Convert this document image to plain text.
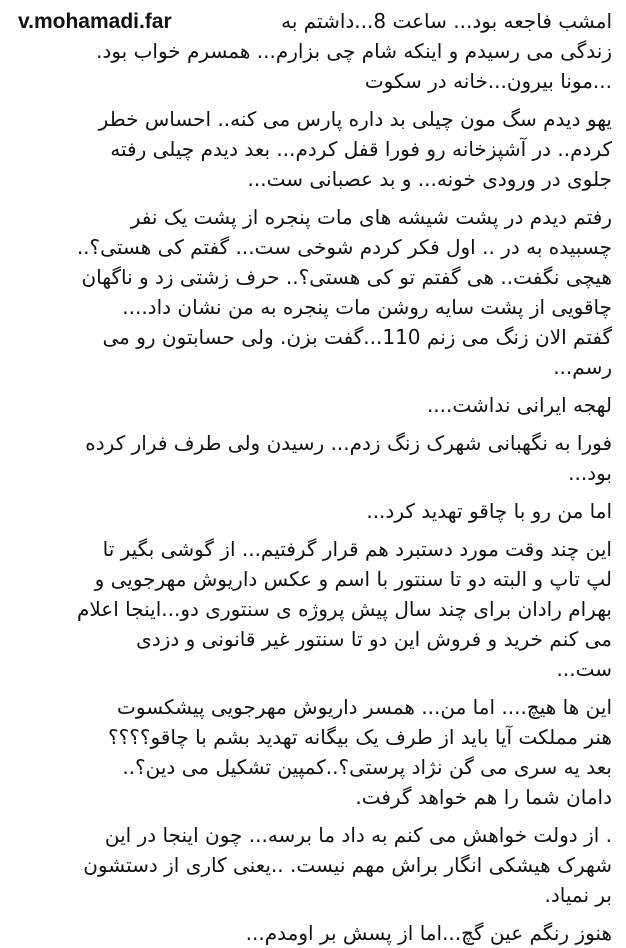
v.mohamadi.far	امشب فاجعه بود... ساعت 8...داشتم به
زندگی می رسیدم و اینکه شام چی بزارم... همسرم خواب بود.
...مونا بیرون...خانه در سکوت
یهو دیدم سگ مون چیلی بد داره پارس می کنه.. احساس خطر
کردم.. در آشپزخانه رو فورا قفل کردم... بعد دیدم چیلی رفته
جلوی در ورودی خونه... و بد عصبانی ست...
رفتم دیدم در پشت شیشه های مات پنجره از پشت یک نفر
چسبیده به در .. اول فکر کردم شوخی ست... گفتم کی هستی؟..
هیچی نگفت.. هی گفتم تو کی هستی؟.. حرف زشتی زد و ناگهان
چاقویی از پشت سایه روشن مات پنجره به من نشان داد....
گفتم الان زنگ می زنم 110...گفت بزن. ولی حسابتون رو می
رسم...
لهجه ایرانی نداشت....
فورا به نگهبانی شهرک زنگ زدم... رسیدن ولی طرف فرار کرده
بود...
اما من رو با چاقو تهدید کرد...
این چند وقت مورد دستبرد هم قرار گرفتیم... از گوشی بگیر تا
لپ تاپ و البته دو تا سنتور با اسم و عکس داریوش مهرجویی و
بهرام رادان برای چند سال پیش پروژه ی سنتوری دو...اینجا اعلام
می کنم خرید و فروش این دو تا سنتور غیر قانونی و دزدی
ست...
این ها هیچ.... اما من... همسر داریوش مهرجویی پیشکسوت
هنر مملکت آیا باید از طرف یک بیگانه تهدید بشم با چاقو؟؟؟؟
بعد یه سری می گن نژاد پرستی؟..کمپین تشکیل می دین؟..
دامان شما را هم خواهد گرفت.
. از دولت خواهش می کنم به داد ما برسه... چون اینجا در این
شهرک هیشکی انگار براش مهم نیست. ..یعنی کاری از دستشون
بر نمیاد.
هنوز رنگم عین گچ...اما از پسش بر اومدم...
